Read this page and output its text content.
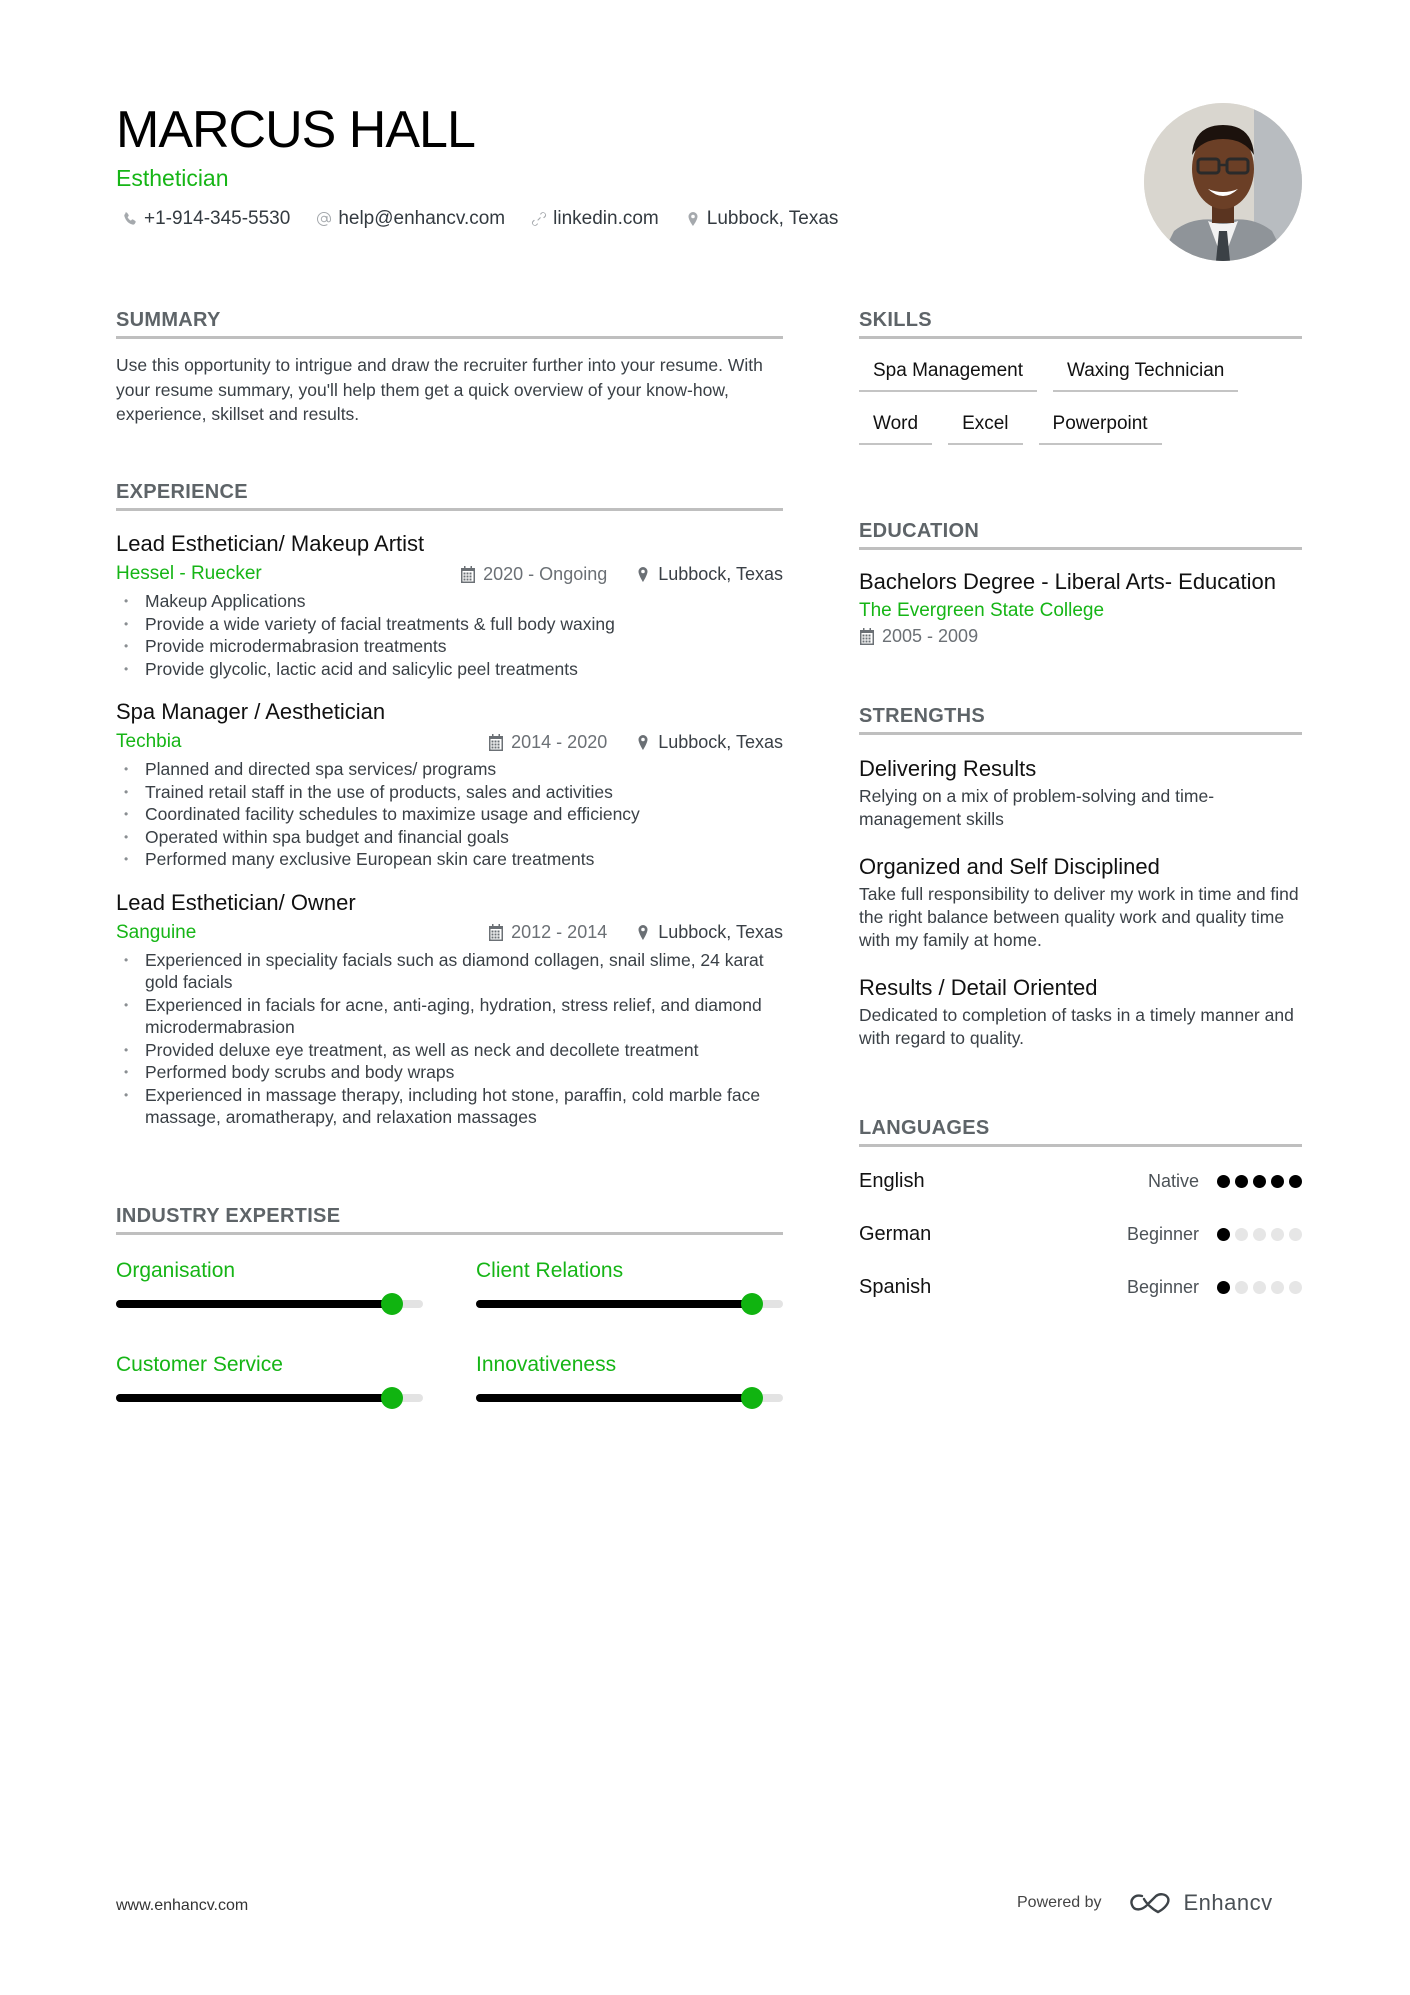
MARCUS HALL
Esthetician
+1-914-345-5530	help@enhancv.com	linkedin.com	Lubbock, Texas
SUMMARY

Use this opportunity to intrigue and draw the recruiter further into your resume. With your resume summary, you'll help them get a quick overview of your know-how, experience, skillset and results.

EXPERIENCE
Lead Esthetician/ Makeup Artist
Hessel - Ruecker	2020 - Ongoing	Lubbock, Texas
• Makeup Applications
• Provide a wide variety of facial treatments & full body waxing
• Provide microdermabrasion treatments
• Provide glycolic, lactic acid and salicylic peel treatments
Spa Manager / Aesthetician
Techbia	2014 - 2020	Lubbock, Texas
• Planned and directed spa services/ programs
• Trained retail staff in the use of products, sales and activities
• Coordinated facility schedules to maximize usage and efficiency
• Operated within spa budget and financial goals
• Performed many exclusive European skin care treatments
Lead Esthetician/ Owner
Sanguine	2012 - 2014	Lubbock, Texas
• Experienced in speciality facials such as diamond collagen, snail slime, 24 karat gold facials
• Experienced in facials for acne, anti-aging, hydration, stress relief, and diamond microdermabrasion
• Provided deluxe eye treatment, as well as neck and decollete treatment
• Performed body scrubs and body wraps
• Experienced in massage therapy, including hot stone, paraffin, cold marble face massage, aromatherapy, and relaxation massages
INDUSTRY EXPERTISE
Organisation	Client Relations
Customer Service	Innovativeness
SKILLS
Spa Management	Waxing Technician
Word	Excel	Powerpoint
EDUCATION
Bachelors Degree - Liberal Arts- Education
The Evergreen State College
2005 - 2009
STRENGTHS
Delivering Results
Relying on a mix of problem-solving and time-management skills
Organized and Self Disciplined
Take full responsibility to deliver my work in time and find the right balance between quality work and quality time with my family at home.
Results / Detail Oriented
Dedicated to completion of tasks in a timely manner and with regard to quality.
LANGUAGES
English	Native
German	Beginner
Spanish	Beginner
www.enhancv.com	Powered by	Enhancv
